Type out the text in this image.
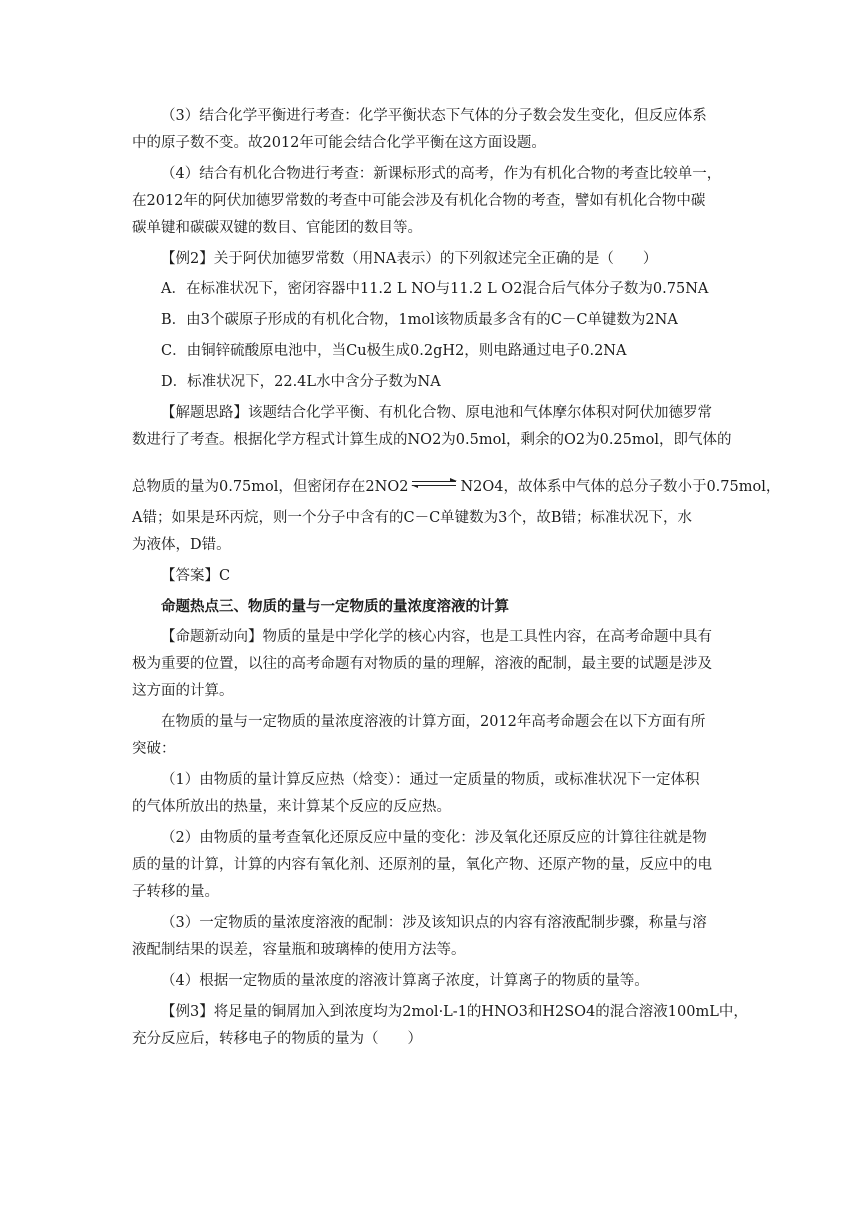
（3）结合化学平衡进行考查：化学平衡状态下气体的分子数会发生变化，但反应体系
中的原子数不变。故2012年可能会结合化学平衡在这方面设题。
（4）结合有机化合物进行考查：新课标形式的高考，作为有机化合物的考查比较单一，
在2012年的阿伏加德罗常数的考查中可能会涉及有机化合物的考查，譬如有机化合物中碳
碳单键和碳碳双键的数目、官能团的数目等。
【例2】关于阿伏加德罗常数（用NA表示）的下列叙述完全正确的是（　　）
A．在标准状况下，密闭容器中11.2 L NO与11.2 L O2混合后气体分子数为0.75NA
B．由3个碳原子形成的有机化合物，1mol该物质最多含有的C－C单键数为2NA
C．由铜锌硫酸原电池中，当Cu极生成0.2gH2，则电路通过电子0.2NA
D．标准状况下，22.4L水中含分子数为NA
【解题思路】该题结合化学平衡、有机化合物、原电池和气体摩尔体积对阿伏加德罗常
数进行了考查。根据化学方程式计算生成的NO2为0.5mol，剩余的O2为0.25mol，即气体的
总物质的量为0.75mol，但密闭存在2NO2 ⇌ N2O4，故体系中气体的总分子数小于0.75mol，
A错；如果是环丙烷，则一个分子中含有的C－C单键数为3个，故B错；标准状况下，水
为液体，D错。
【答案】C
命题热点三、物质的量与一定物质的量浓度溶液的计算
【命题新动向】物质的量是中学化学的核心内容，也是工具性内容，在高考命题中具有
极为重要的位置，以往的高考命题有对物质的量的理解，溶液的配制，最主要的试题是涉及
这方面的计算。
在物质的量与一定物质的量浓度溶液的计算方面，2012年高考命题会在以下方面有所
突破：
（1）由物质的量计算反应热（焓变）：通过一定质量的物质，或标准状况下一定体积
的气体所放出的热量，来计算某个反应的反应热。
（2）由物质的量考查氧化还原反应中量的变化：涉及氧化还原反应的计算往往就是物
质的量的计算，计算的内容有氧化剂、还原剂的量，氧化产物、还原产物的量，反应中的电
子转移的量。
（3）一定物质的量浓度溶液的配制：涉及该知识点的内容有溶液配制步骤，称量与溶
液配制结果的误差，容量瓶和玻璃棒的使用方法等。
（4）根据一定物质的量浓度的溶液计算离子浓度，计算离子的物质的量等。
【例3】将足量的铜屑加入到浓度均为2mol·L-1的HNO3和H2SO4的混合溶液100mL中，
充分反应后，转移电子的物质的量为（　　）
